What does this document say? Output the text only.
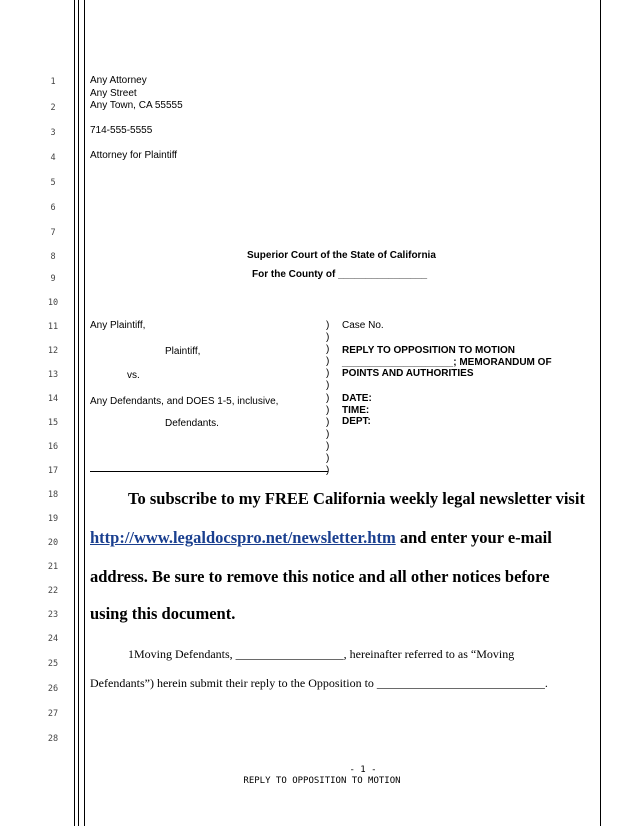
1
2
3
4
5
6
7
8
9
10
11
12
13
14
15
16
17
18
19
20
21
22
23
24
25
26
27
28
Any Attorney
Any Street
Any Town, CA 55555
714-555-5555
Attorney for Plaintiff
Superior Court of the State of California
For the County of ________________
Any Plaintiff,
Plaintiff,
vs.
Any Defendants, and DOES 1-5, inclusive,
Defendants.
)
)
)
)
)
)
)
)
)
)
)
)
)
Case No.
REPLY TO OPPOSITION TO MOTION
____________________; MEMORANDUM OF
POINTS AND AUTHORITIES
DATE:
TIME:
DEPT:
To subscribe to my FREE California weekly legal newsletter visit
http://www.legaldocspro.net/newsletter.htm and enter your e-mail
address. Be sure to remove this notice and all other notices before
using this document.
1Moving Defendants, __________________, hereinafter referred to as “Moving
Defendants”) herein submit their reply to the Opposition to ____________________________.
- 1 -
REPLY TO OPPOSITION TO MOTION
